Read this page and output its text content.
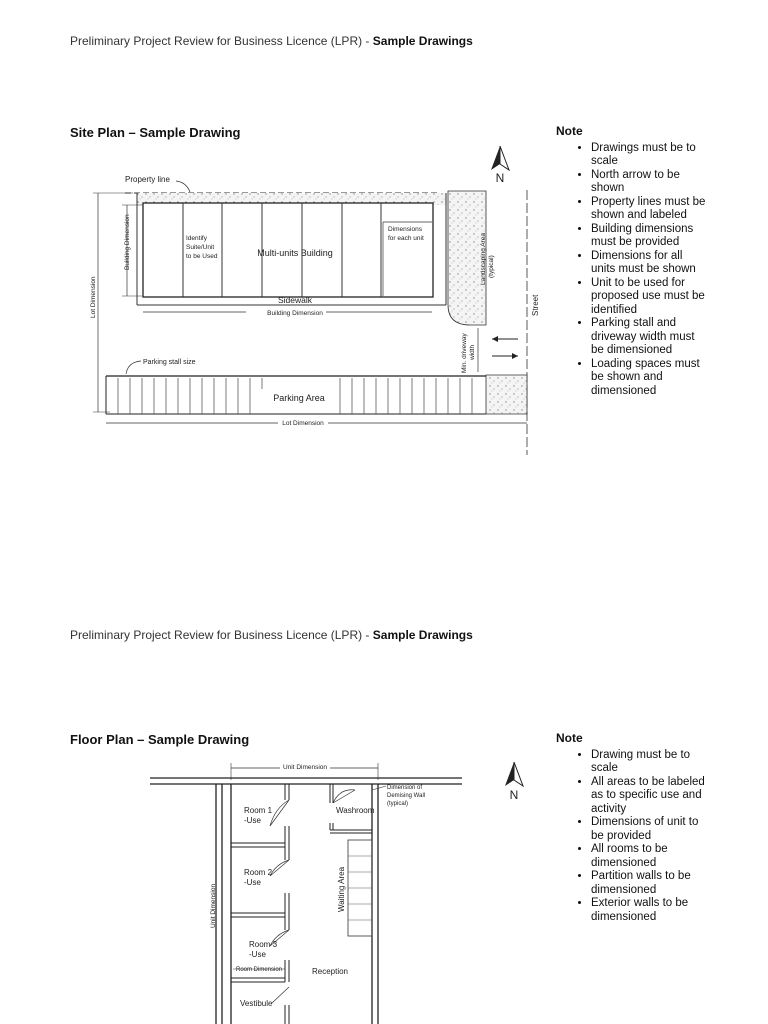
Preliminary Project Review for Business Licence (LPR) - Sample Drawings
Site Plan – Sample Drawing	Note
• Drawings must be to scale
• North arrow to be shown
• Property lines must be shown and labeled
• Building dimensions must be provided
• Dimensions for all units must be shown
• Unit to be used for proposed use must be identified
• Parking stall and driveway width must be dimensioned
• Loading spaces must be shown and dimensioned
N
Property line
Identify
Suite/Unit
to be Used	Multi-units Building
Dimensions
for each unit
Building Dimension
Sidewalk
Building Dimension
Landscaping Area (typical)
Lot Dimension	Street
Min. driveway width
Parking Area
Parking stall size
Lot Dimension
Preliminary Project Review for Business Licence (LPR) - Sample Drawings
Floor Plan – Sample Drawing	Note
• Drawing must be to scale
• All areas to be labeled as to specific use and activity
• Dimensions of unit to be provided
• All rooms to be dimensioned
• Partition walls to be dimensioned
• Exterior walls to be dimensioned
N
Unit Dimension
Room 1
-Use
Washroom
Room 2
-Use	Waiting Area
Unit Dimension
Room 3
-Use
Room Dimension	Reception
Vestibule
Dimension of
Demising Wall
(typical)
